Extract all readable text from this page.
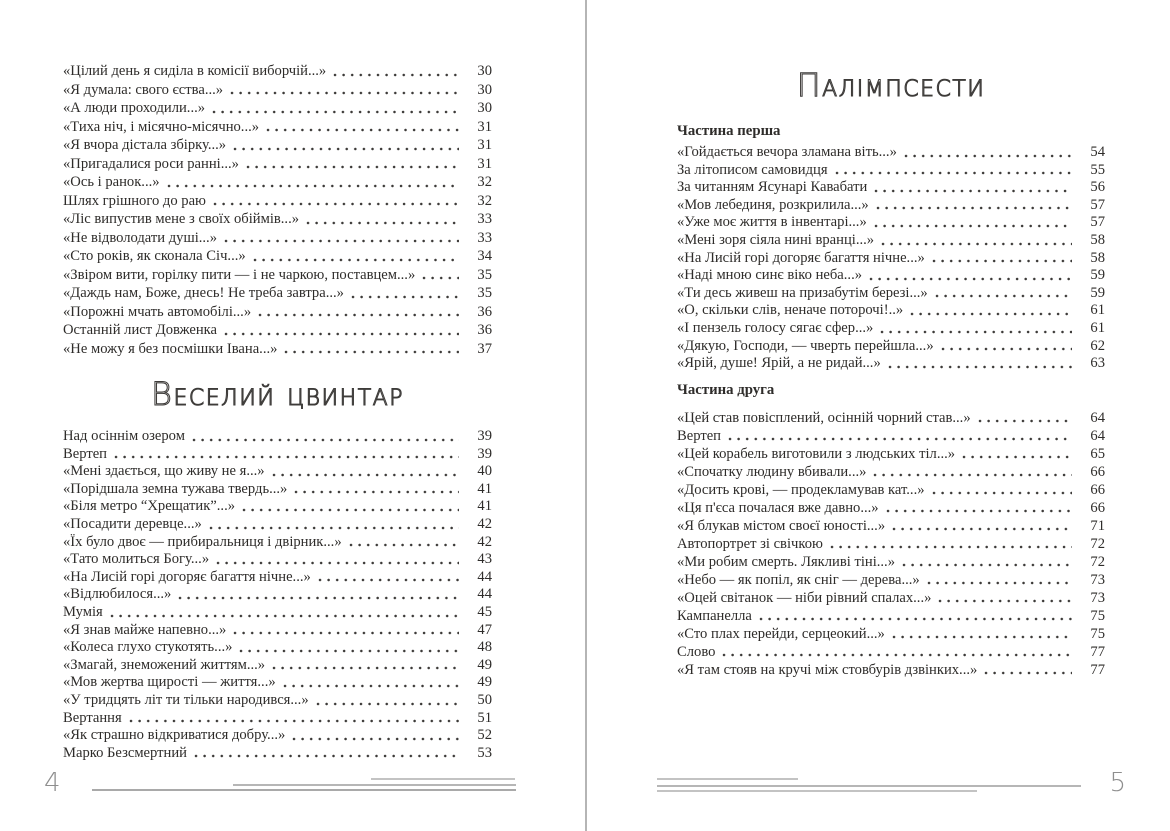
«Цілий день я сиділа в комісії виборчій...»	30
«Я думала: свого єства...»	30
«А люди проходили...»	30
«Тиха ніч, і місячно-місячно...»	31
«Я вчора дістала збірку...»	31
«Пригадалися роси ранні...»	31
«Ось і ранок...»	32
Шлях грішного до раю	32
«Ліс випустив мене з своїх обіймів...»	33
«Не відволодати душі...»	33
«Сто років, як сконала Січ...»	34
«Звіром вити, горілку пити — і не чаркою, поставцем...»	35
«Даждь нам, Боже, днесь! Не треба завтра...»	35
«Порожні мчать автомобілі...»	36
Останній лист Довженка	36
«Не можу я без посмішки Івана...»	37
Веселий цвинтар
Над осіннім озером	39
Вертеп	39
«Мені здається, що живу не я...»	40
«Порідшала земна тужава твердь...»	41
«Біля метро “Хрещатик”...»	41
«Посадити деревце...»	42
«Їх було двоє — прибиральниця і двірник...»	42
«Тато молиться Богу...»	43
«На Лисій горі догоряє багаття нічне...»	44
«Відлюбилося...»	44
Мумія	45
«Я знав майже напевно...»	47
«Колеса глухо стукотять...»	48
«Змагай, знеможений життям...»	49
«Мов жертва щирості — життя...»	49
«У тридцять літ ти тільки народився...»	50
Вертання	51
«Як страшно відкриватися добру...»	52
Марко Безсмертний	53
4
Палімпсести
Частина перша
«Гойдається вечора зламана віть...»	54
За літописом самовидця	55
За читанням Ясунарі Кавабати	56
«Мов лебединя, розкрилила...»	57
«Уже моє життя в інвентарі...»	57
«Мені зоря сіяла нині вранці...»	58
«На Лисій горі догоряє багаття нічне...»	58
«Наді мною синє віко неба...»	59
«Ти десь живеш на призабутім березі...»	59
«О, скільки слів, неначе поторочі!..»	61
«І пензель голосу сягає сфер...»	61
«Дякую, Господи, — чверть перейшла...»	62
«Ярій, душе! Ярій, а не ридай...»	63
Частина друга
«Цей став повісплений, осінній чорний став...»	64
Вертеп	64
«Цей корабель виготовили з людських тіл...»	65
«Спочатку людину вбивали...»	66
«Досить крові, — продекламував кат...»	66
«Ця п'єса почалася вже давно...»	66
«Я блукав містом своєї юності...»	71
Автопортрет зі свічкою	72
«Ми робим смерть. Лякливі тіні...»	72
«Небо — як попіл, як сніг — дерева...»	73
«Оцей світанок — ніби рівний спалах...»	73
Кампанелла	75
«Сто плах перейди, серцеокий...»	75
Слово	77
«Я там стояв на кручі між стовбурів дзвінких...»	77
5
